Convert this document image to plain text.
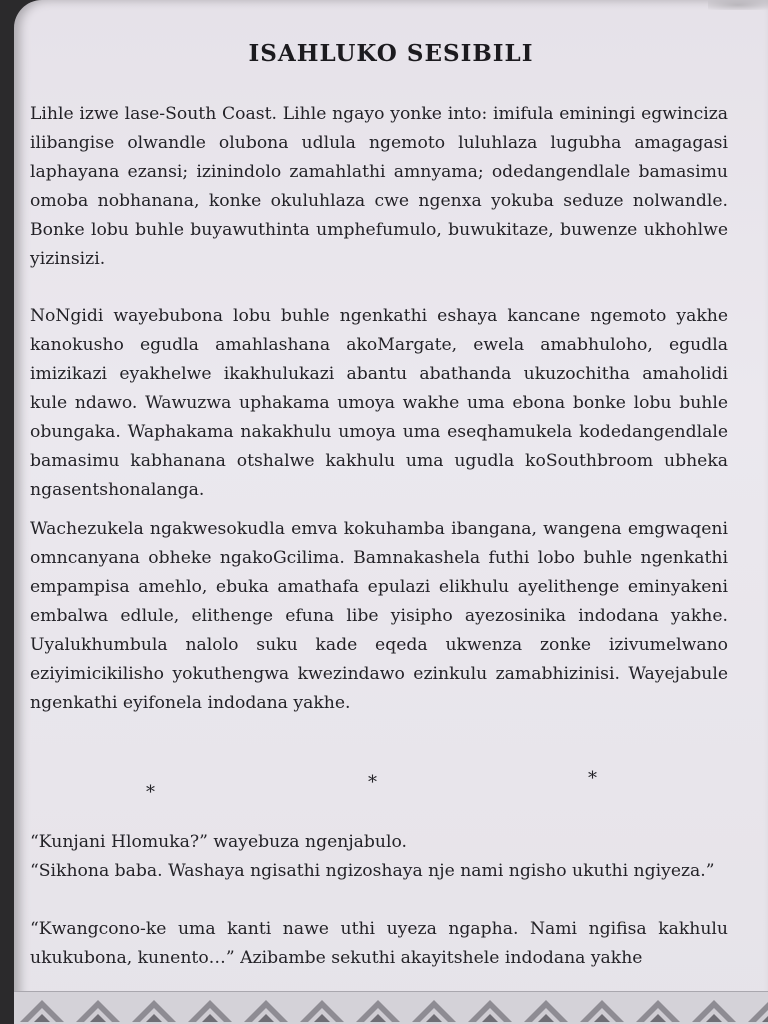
ISAHLUKO SESIBILI

Lihle izwe lase-South Coast. Lihle ngayo yonke into: imifula eminingi egwinciza ilibangise olwandle olubona udlula ngemoto luluhlaza lugubha amagagasi laphayana ezansi; izinindolo zamahlathi amnyama; odedangendlale bamasimu omoba nobhanana, konke okuluhlaza cwe ngenxa yokuba seduze nolwandle. Bonke lobu buhle buyawuthinta umphefumulo, buwukitaze, buwenze ukhohlwe yizinsizi.

NoNgidi wayebubona lobu buhle ngenkathi eshaya kancane ngemoto yakhe kanokusho egudla amahlashana akoMargate, ewela amabhuloho, egudla imizikazi eyakhelwe ikakhulukazi abantu abathanda ukuzochitha amaholidi kule ndawo. Wawuzwa uphakama umoya wakhe uma ebona bonke lobu buhle obungaka. Waphakama nakakhulu umoya uma eseqhamukela kodedangendlale bamasimu kabhanana otshalwe kakhulu uma ugudla koSouthbroom ubheka ngasentshonalanga.

Wachezukela ngakwesokudla emva kokuhamba ibangana, wangena emgwaqeni omncanyana obheke ngakoGcilima. Bamnakashela futhi lobo buhle ngenkathi empampisa amehlo, ebuka amathafa epulazi elikhulu ayelithenge eminyakeni embalwa edlule, elithenge efuna libe yisipho ayezosinika indodana yakhe. Uyalukhumbula nalolo suku kade eqeda ukwenza zonke izivumelwano eziyimicikilisho yokuthengwa kwezindawo ezinkulu zamabhizinisi. Wayejabule ngenkathi eyifonela indodana yakhe.

*	*	*

“Kunjani Hlomuka?” wayebuza ngenjabulo.

“Sikhona baba. Washaya ngisathi ngizoshaya nje nami ngisho ukuthi ngiyeza.”

“Kwangcono-ke uma kanti nawe uthi uyeza ngapha. Nami ngifisa kakhulu ukukubona, kunento…” Azibambe sekuthi akayitshele indodana yakhe
